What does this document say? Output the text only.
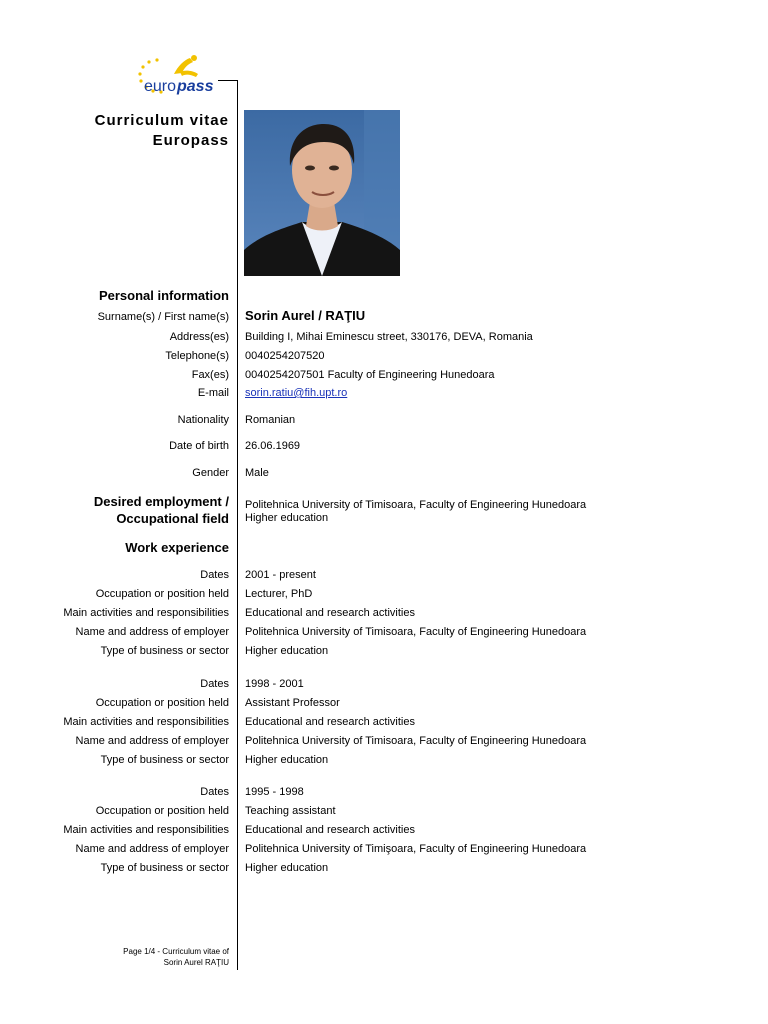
euro pass
Curriculum vitae
Europass
Personal information
Surname(s) / First name(s) Sorin Aurel / RAŢIU
Address(es) Building I, Mihai Eminescu street, 330176, DEVA, Romania
Telephone(s) 0040254207520
Fax(es) 0040254207501 Faculty of Engineering Hunedoara
E-mail sorin.ratiu@fih.upt.ro
Nationality Romanian
Date of birth 26.06.1969
Gender Male
Desired employment /
Occupational field
Politehnica University of Timisoara, Faculty of Engineering Hunedoara
Higher education
Work experience
Dates 2001 - present
Occupation or position held Lecturer, PhD
Main activities and responsibilities Educational and research activities
Name and address of employer Politehnica University of Timisoara, Faculty of Engineering Hunedoara
Type of business or sector Higher education
Dates 1998 - 2001
Occupation or position held Assistant Professor
Main activities and responsibilities Educational and research activities
Name and address of employer Politehnica University of Timisoara, Faculty of Engineering Hunedoara
Type of business or sector Higher education
Dates 1995 - 1998
Occupation or position held Teaching assistant
Main activities and responsibilities Educational and research activities
Name and address of employer Politehnica University of Timişoara, Faculty of Engineering Hunedoara
Type of business or sector Higher education
Page 1/4 - Curriculum vitae of
Sorin Aurel RAŢIU
